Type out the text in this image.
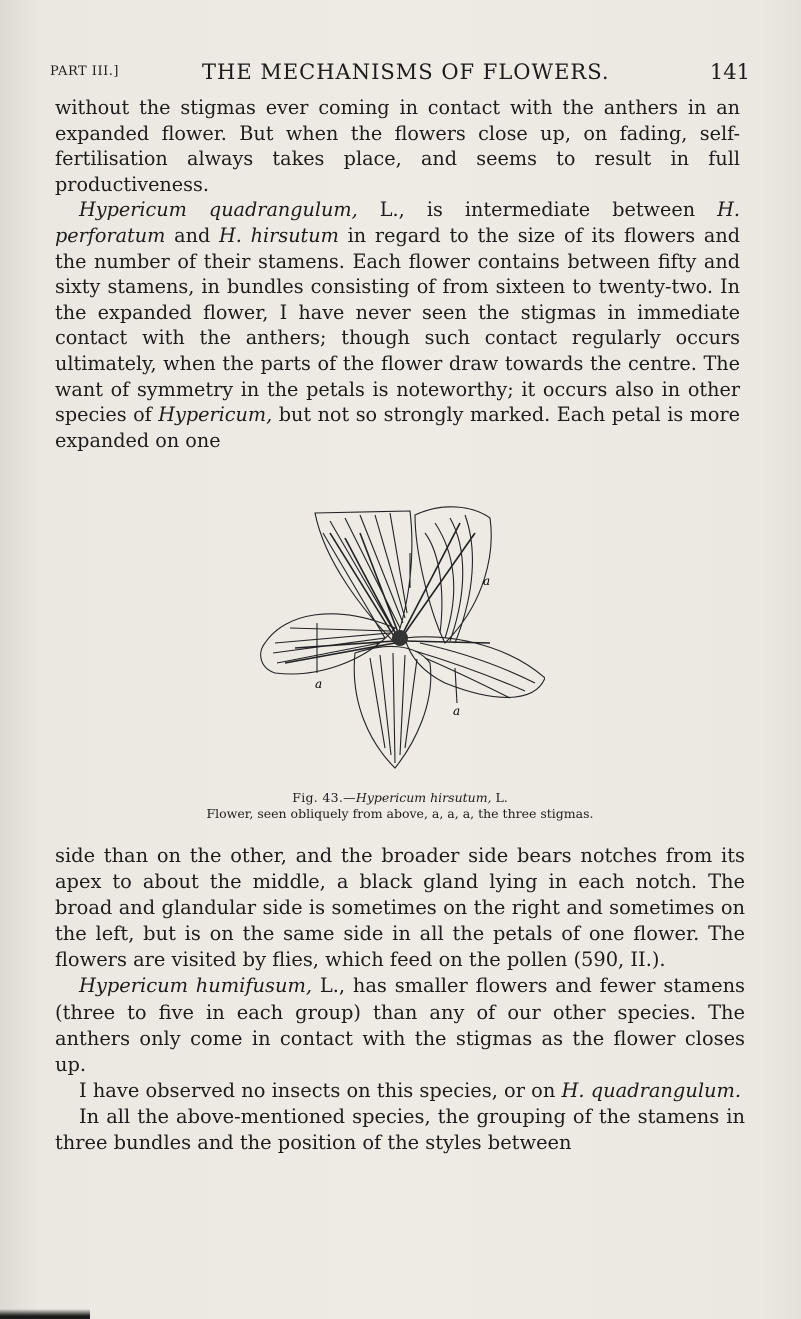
PART III.]	THE MECHANISMS OF FLOWERS.	141

without the stigmas ever coming in contact with the anthers in an expanded flower. But when the flowers close up, on fading, self-fertilisation always takes place, and seems to result in full productiveness.

Hypericum quadrangulum, L., is intermediate between H. perforatum and H. hirsutum in regard to the size of its flowers and the number of their stamens. Each flower contains between fifty and sixty stamens, in bundles consisting of from sixteen to twenty-two. In the expanded flower, I have never seen the stigmas in immediate contact with the anthers; though such contact regularly occurs ultimately, when the parts of the flower draw towards the centre. The want of symmetry in the petals is noteworthy; it occurs also in other species of Hypericum, but not so strongly marked. Each petal is more expanded on one

a
a
a
Fig. 43.—Hypericum hirsutum, L.
Flower, seen obliquely from above, a, a, a, the three stigmas.

side than on the other, and the broader side bears notches from its apex to about the middle, a black gland lying in each notch. The broad and glandular side is sometimes on the right and sometimes on the left, but is on the same side in all the petals of one flower. The flowers are visited by flies, which feed on the pollen (590, II.).

Hypericum humifusum, L., has smaller flowers and fewer stamens (three to five in each group) than any of our other species. The anthers only come in contact with the stigmas as the flower closes up.

I have observed no insects on this species, or on H. quadrangulum.

In all the above-mentioned species, the grouping of the stamens in three bundles and the position of the styles between
